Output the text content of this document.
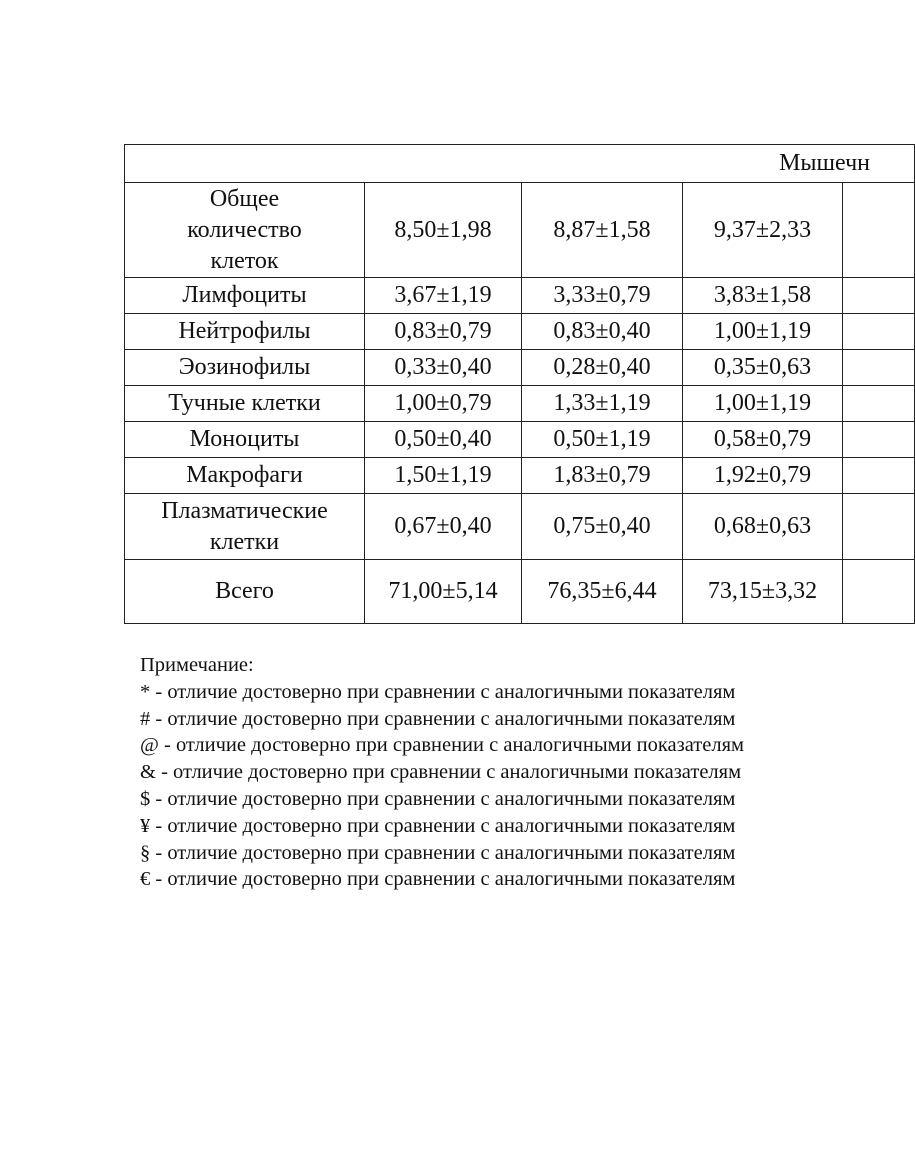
Мышечн				

Общее
количество
клеток	8,50±1,98	8,87±1,58	9,37±2,33	
Лимфоциты	3,67±1,19	3,33±0,79	3,83±1,58	
Нейтрофилы	0,83±0,79	0,83±0,40	1,00±1,19	
Эозинофилы	0,33±0,40	0,28±0,40	0,35±0,63	
Тучные клетки	1,00±0,79	1,33±1,19	1,00±1,19	
Моноциты	0,50±0,40	0,50±1,19	0,58±0,79	
Макрофаги	1,50±1,19	1,83±0,79	1,92±0,79	

Плазматические
клетки	0,67±0,40	0,75±0,40	0,68±0,63	
Всего	71,00±5,14	76,35±6,44	73,15±3,32	
Примечание:
* - отличие достоверно при сравнении с аналогичными показателям
# - отличие достоверно при сравнении с аналогичными показателям
@ - отличие достоверно при сравнении с аналогичными показателям
& - отличие достоверно при сравнении с аналогичными показателям
$ - отличие достоверно при сравнении с аналогичными показателям
¥ - отличие достоверно при сравнении с аналогичными показателям
§ - отличие достоверно при сравнении с аналогичными показателям
€ - отличие достоверно при сравнении с аналогичными показателям
